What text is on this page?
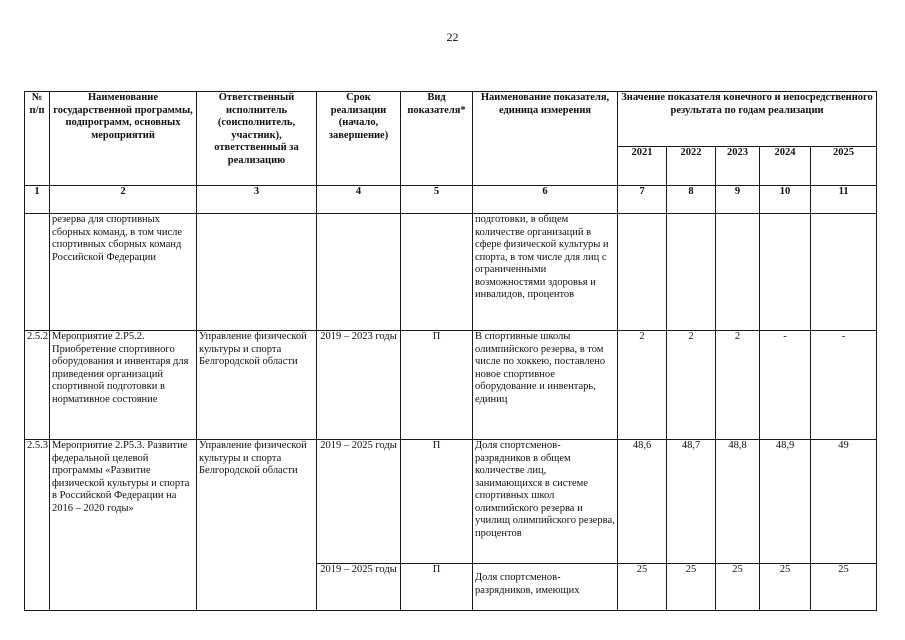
22
№ п/п	Наименование государственной программы, подпрограмм, основных мероприятий	Ответственный исполнитель (соисполнитель, участник), ответственный за реализацию	Срок реализации (начало, завершение)	Вид показателя*	Наименование показателя, единица измерения	Значение показателя конечного и непосредственного результата по годам реализации				
						2021	2022	2023	2024	2025
1	2	3	4	5	6	7	8	9	10	11
	резерва для спортивных сборных команд, в том числе спортивных сборных команд Российской Федерации				подготовки, в общем количестве организаций в сфере физической культуры и спорта, в том числе для лиц с ограниченными возможностями здоровья и инвалидов, процентов					
2.5.2	Мероприятие 2.Р5.2. Приобретение спортивного оборудования и инвентаря для приведения организаций спортивной подготовки в нормативное состояние	Управление физической культуры и спорта Белгородской области	2019 – 2023 годы	П	В спортивные школы олимпийского резерва, в том числе по хоккею, поставлено новое спортивное оборудование и инвентарь, единиц	2	2	2	-	-
2.5.3	Мероприятие 2.Р5.3. Развитие федеральной целевой программы «Развитие физической культуры и спорта в Российской Федерации на 2016 – 2020 годы»	Управление физической культуры и спорта Белгородской области	2019 – 2025 годы	П	Доля спортсменов-разрядников в общем количестве лиц, занимающихся в системе спортивных школ олимпийского резерва и училищ олимпийского резерва, процентов	48,6	48,7	48,8	48,9	49
			2019 – 2025 годы	П	Доля спортсменов-разрядников, имеющих	25	25	25	25	25
